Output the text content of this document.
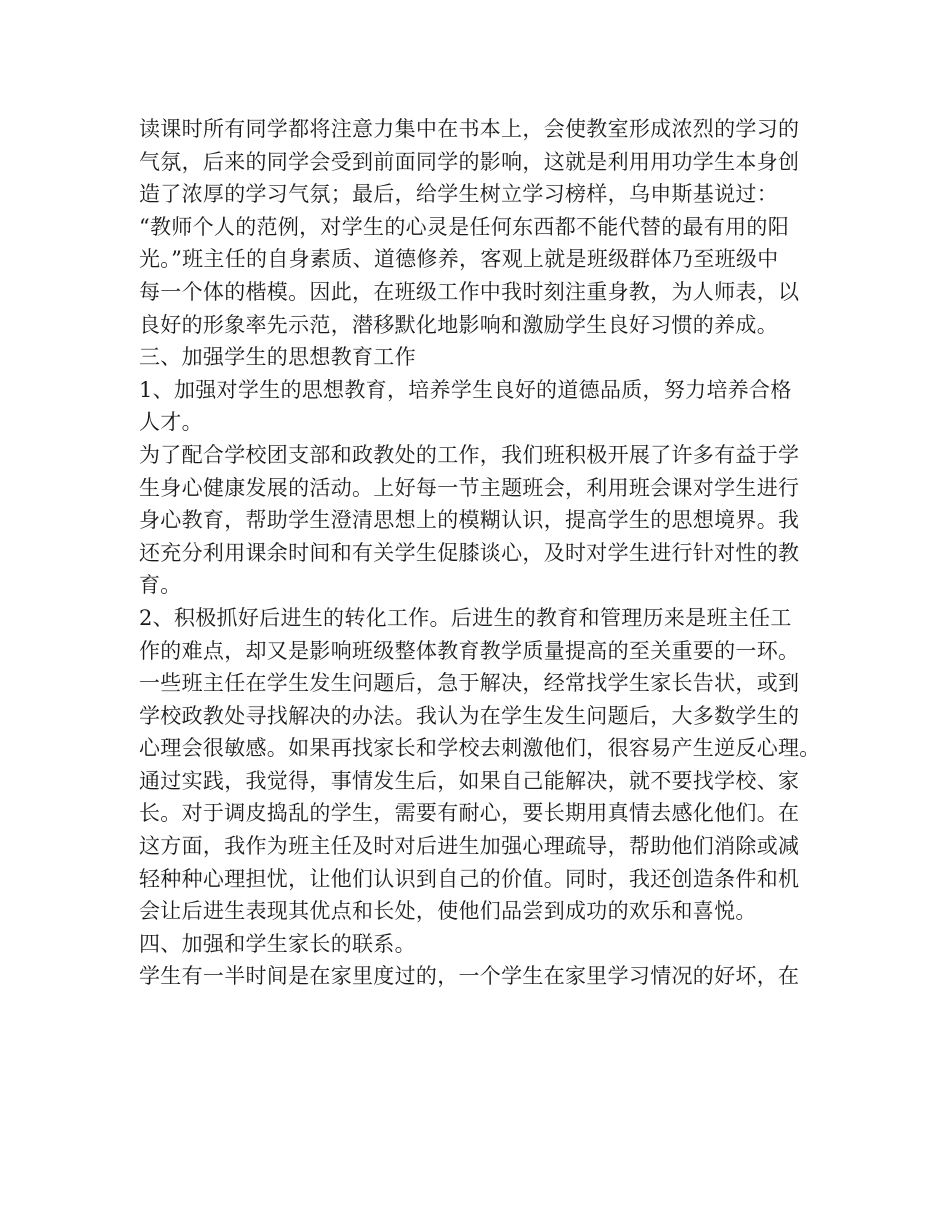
读课时所有同学都将注意力集中在书本上，会使教室形成浓烈的学习的
气氛，后来的同学会受到前面同学的影响，这就是利用用功学生本身创
造了浓厚的学习气氛；最后，给学生树立学习榜样，乌申斯基说过：
“教师个人的范例，对学生的心灵是任何东西都不能代替的最有用的阳
光。”班主任的自身素质、道德修养，客观上就是班级群体乃至班级中
每一个体的楷模。因此，在班级工作中我时刻注重身教，为人师表，以
良好的形象率先示范，潜移默化地影响和激励学生良好习惯的养成。
三、加强学生的思想教育工作
1、加强对学生的思想教育，培养学生良好的道德品质，努力培养合格
人才。
为了配合学校团支部和政教处的工作，我们班积极开展了许多有益于学
生身心健康发展的活动。上好每一节主题班会，利用班会课对学生进行
身心教育，帮助学生澄清思想上的模糊认识，提高学生的思想境界。我
还充分利用课余时间和有关学生促膝谈心，及时对学生进行针对性的教
育。
2、积极抓好后进生的转化工作。后进生的教育和管理历来是班主任工
作的难点，却又是影响班级整体教育教学质量提高的至关重要的一环。
一些班主任在学生发生问题后，急于解决，经常找学生家长告状，或到
学校政教处寻找解决的办法。我认为在学生发生问题后，大多数学生的
心理会很敏感。如果再找家长和学校去刺激他们，很容易产生逆反心理。
通过实践，我觉得，事情发生后，如果自己能解决，就不要找学校、家
长。对于调皮捣乱的学生，需要有耐心，要长期用真情去感化他们。在
这方面，我作为班主任及时对后进生加强心理疏导，帮助他们消除或减
轻种种心理担忧，让他们认识到自己的价值。同时，我还创造条件和机
会让后进生表现其优点和长处，使他们品尝到成功的欢乐和喜悦。
四、加强和学生家长的联系。
学生有一半时间是在家里度过的，一个学生在家里学习情况的好坏，在
